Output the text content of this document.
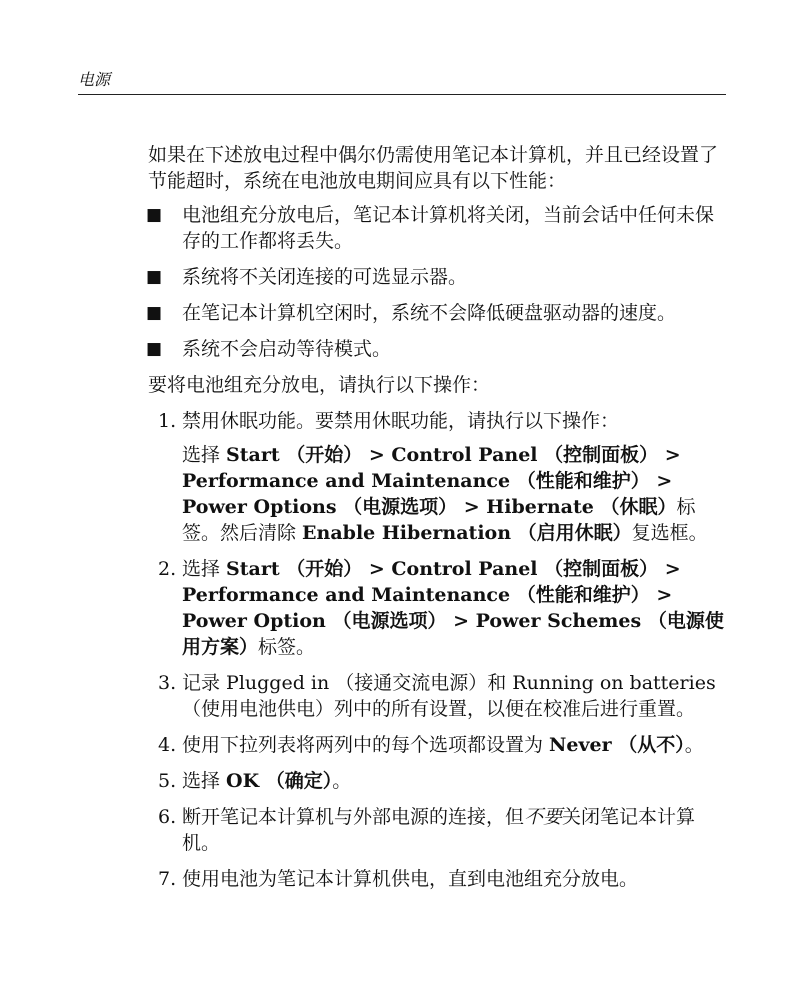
电源

如果在下述放电过程中偶尔仍需使用笔记本计算机，并且已经设置了节能超时，系统在电池放电期间应具有以下性能：

■ 电池组充分放电后，笔记本计算机将关闭，当前会话中任何未保存的工作都将丢失。
■ 系统将不关闭连接的可选显示器。
■ 在笔记本计算机空闲时，系统不会降低硬盘驱动器的速度。
■ 系统不会启动等待模式。

要将电池组充分放电，请执行以下操作：

1. 禁用休眠功能。要禁用休眠功能，请执行以下操作：

选择 Start （开始） > Control Panel （控制面板） > Performance and Maintenance （性能和维护） > Power Options （电源选项） > Hibernate （休眠）标签。然后清除 Enable Hibernation （启用休眠）复选框。

2. 选择 Start （开始） > Control Panel （控制面板） > Performance and Maintenance （性能和维护） > Power Option （电源选项） > Power Schemes （电源使用方案）标签。
3. 记录 Plugged in （接通交流电源）和 Running on batteries （使用电池供电）列中的所有设置，以便在校准后进行重置。
4. 使用下拉列表将两列中的每个选项都设置为 Never （从不）。
5. 选择 OK （确定）。
6. 断开笔记本计算机与外部电源的连接，但不要关闭笔记本计算机。
7. 使用电池为笔记本计算机供电，直到电池组充分放电。
